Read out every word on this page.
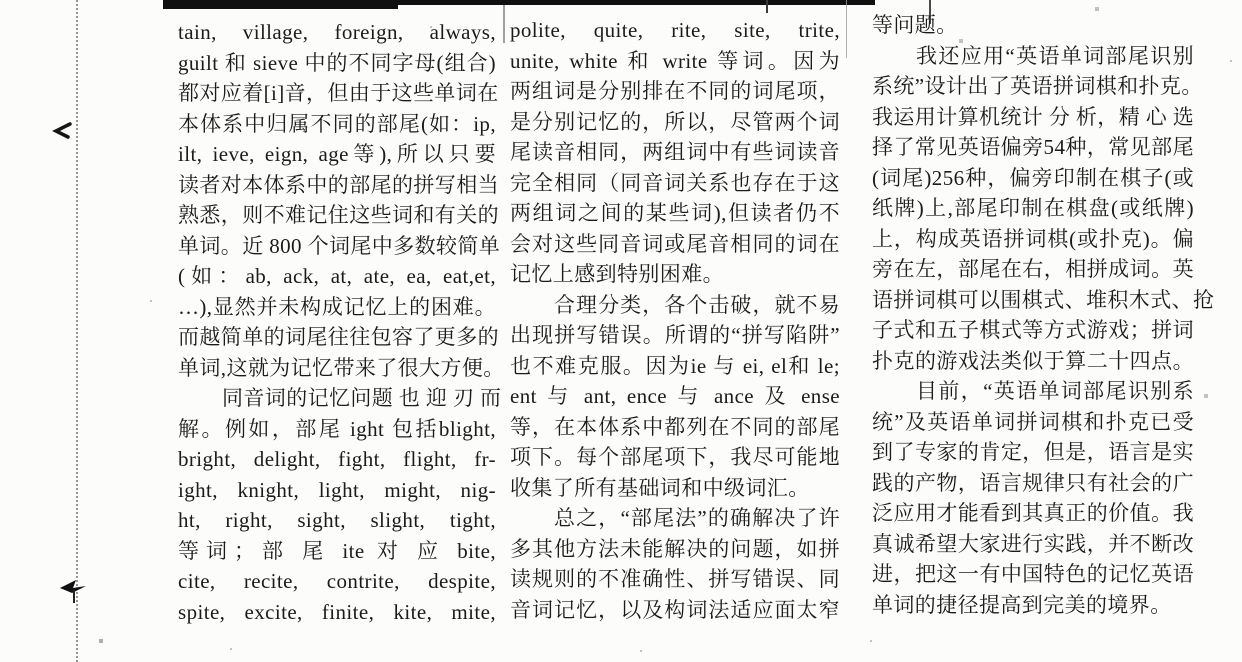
tain, village, foreign, always,
guilt 和 sieve 中的不同字母(组合)
都对应着[i]音，但由于这些单词在
本体系中归属不同的部尾(如：ip,
ilt, ieve, eign, age等),所以只要
读者对本体系中的部尾的拼写相当
熟悉，则不难记住这些词和有关的
单词。近 800 个词尾中多数较简单
(如：ab, ack, at, ate, ea, eat,et,
…),显然并未构成记忆上的困难。
而越简单的词尾往往包容了更多的
单词,这就为记忆带来了很大方便。
同音词的记忆问题 也 迎 刃 而
解。例如，部尾 ight 包括blight,
bright, delight, fight, flight, fr-
ight, knight, light, might, nig-
ht, right, sight, slight, tight,
等词；部 尾 ite 对 应 bite,
cite, recite, contrite, despite,
spite, excite, finite, kite, mite,
polite, quite, rite, site, trite,
unite, white 和 write 等词。因为
两组词是分别排在不同的词尾项，
是分别记忆的，所以，尽管两个词
尾读音相同，两组词中有些词读音
完全相同（同音词关系也存在于这
两组词之间的某些词),但读者仍不
会对这些同音词或尾音相同的词在
记忆上感到特别困难。
合理分类，各个击破，就不易
出现拼写错误。所谓的“拼写陷阱”
也不难克服。因为ie 与 ei, el和 le;
ent 与 ant, ence 与 ance 及 ense
等，在本体系中都列在不同的部尾
项下。每个部尾项下，我尽可能地
收集了所有基础词和中级词汇。
总之，“部尾法”的确解决了许
多其他方法未能解决的问题，如拼
读规则的不准确性、拼写错误、同
音词记忆，以及构词法适应面太窄
等问题。
我还应用“英语单词部尾识别
系统”设计出了英语拼词棋和扑克。
我运用计算机统计 分 析，精 心 选
择了常见英语偏旁54种，常见部尾
(词尾)256种，偏旁印制在棋子(或
纸牌)上,部尾印制在棋盘(或纸牌)
上，构成英语拼词棋(或扑克)。偏
旁在左，部尾在右，相拼成词。英
语拼词棋可以围棋式、堆积木式、抢
子式和五子棋式等方式游戏；拼词
扑克的游戏法类似于算二十四点。
目前，“英语单词部尾识别系
统”及英语单词拼词棋和扑克已受
到了专家的肯定，但是，语言是实
践的产物，语言规律只有社会的广
泛应用才能看到其真正的价值。我
真诚希望大家进行实践，并不断改
进，把这一有中国特色的记忆英语
单词的捷径提高到完美的境界。
